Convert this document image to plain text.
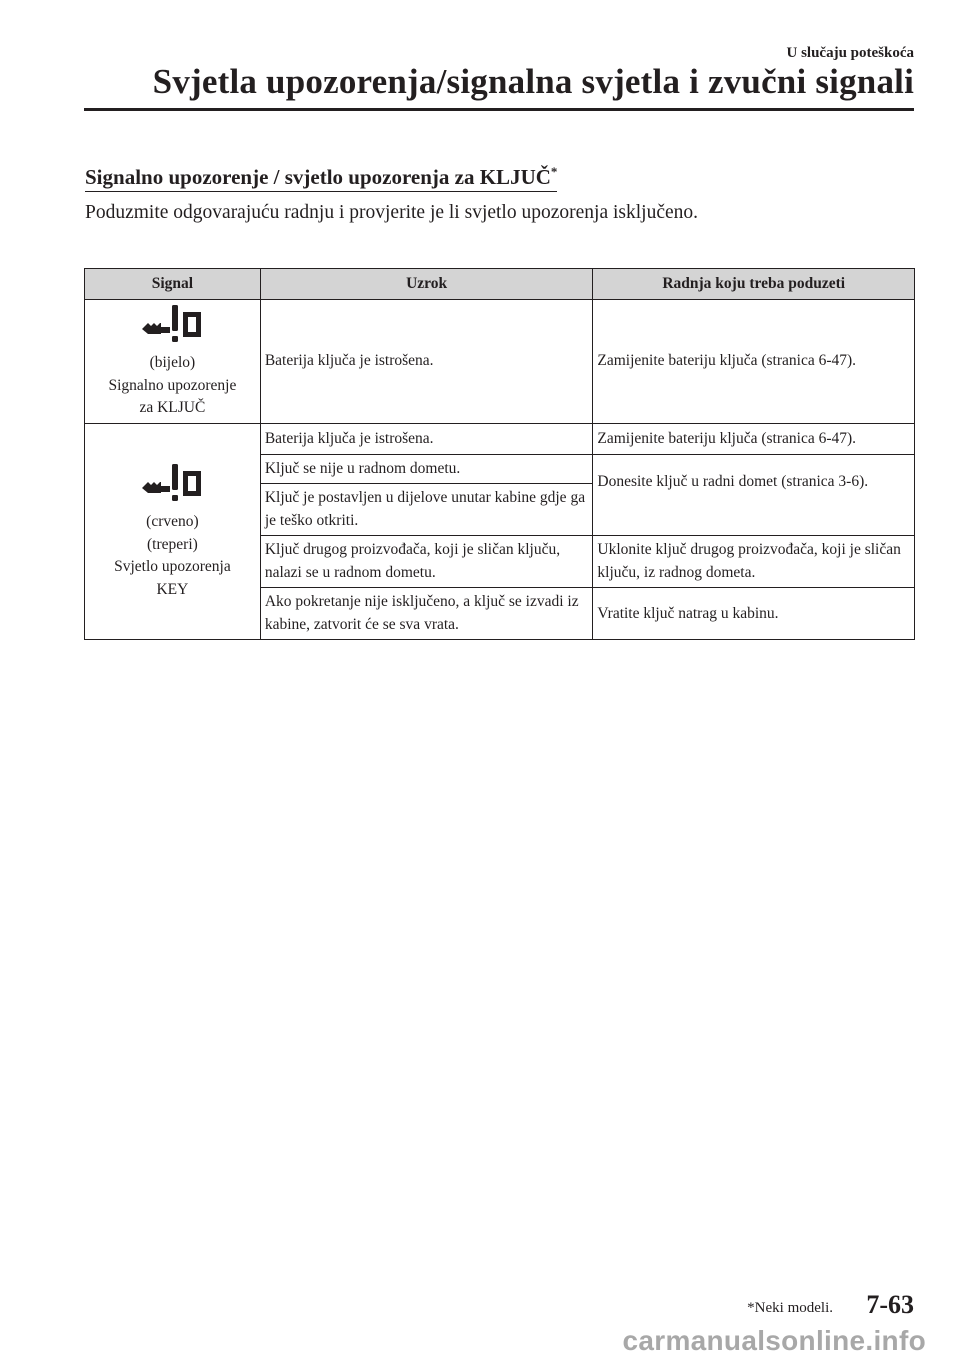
U slučaju poteškoća
Svjetla upozorenja/signalna svjetla i zvučni signali
Signalno upozorenje / svjetlo upozorenja za KLJUČ*
Poduzmite odgovarajuću radnju i provjerite je li svjetlo upozorenja isključeno.
Signal	Uzrok	Radnja koju treba poduzeti

(bijelo)
Signalno upozorenje
za KLJUČ	Baterija ključa je istrošena.	Zamijenite bateriju ključa (stranica 6-47).

(crveno)
(treperi)
Svjetlo upozorenja
KEY	Baterija ključa je istrošena.	Zamijenite bateriju ključa (stranica 6-47).
	Ključ se nije u radnom dometu.	Donesite ključ u radni domet (stranica 3-6).
	Ključ je postavljen u dijelove unutar kabine gdje ga je teško otkriti.	
	Ključ drugog proizvođača, koji je sličan ključu, nalazi se u radnom dometu.	Uklonite ključ drugog proizvođača, koji je sličan ključu, iz radnog dometa.
	Ako pokretanje nije isključeno, a ključ se izvadi iz kabine, zatvorit će se sva vrata.	Vratite ključ natrag u kabinu.
*Neki modeli. 7-63
carmanualsonline.info
